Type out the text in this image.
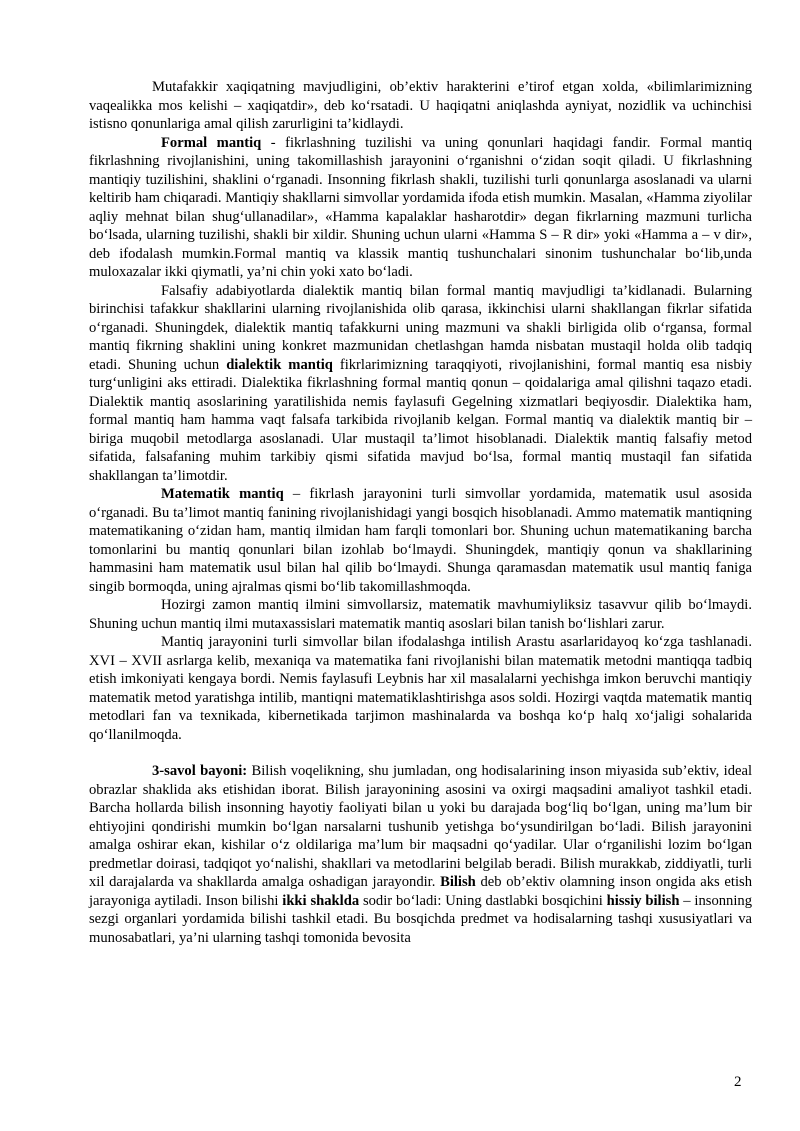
Mutafakkir xaqiqatning mavjudligini, ob’ektiv harakterini e’tirof etgan xolda, «bilimlarimizning vaqealikka mos kelishi – xaqiqatdir», deb ko‘rsatadi. U haqiqatni aniqlashda ayniyat, nozidlik va uchinchisi istisno qonunlariga amal qilish zarurligini ta’kidlaydi.

Formal mantiq - fikrlashning tuzilishi va uning qonunlari haqidagi fandir. Formal mantiq fikrlashning rivojlanishini, uning takomillashish jarayonini o‘rganishni o‘zidan soqit qiladi. U fikrlashning mantiqiy tuzilishini, shaklini o‘rganadi. Insonning fikrlash shakli, tuzilishi turli qonunlarga asoslanadi va ularni keltirib ham chiqaradi. Mantiqiy shakllarni simvollar yordamida ifoda etish mumkin. Masalan, «Hamma ziyolilar aqliy mehnat bilan shug‘ullanadilar», «Hamma kapalaklar hasharotdir» degan fikrlarning mazmuni turlicha bo‘lsada, ularning tuzilishi, shakli bir xildir. Shuning uchun ularni «Hamma S – R dir» yoki «Hamma a – v dir», deb ifodalash mumkin.Formal mantiq va klassik mantiq tushunchalari sinonim tushunchalar bo‘lib,unda muloxazalar ikki qiymatli, ya’ni chin yoki xato bo‘ladi.

Falsafiy adabiyotlarda dialektik mantiq bilan formal mantiq mavjudligi ta’kidlanadi. Bularning birinchisi tafakkur shakllarini ularning rivojlanishida olib qarasa, ikkinchisi ularni shakllangan fikrlar sifatida o‘rganadi. Shuningdek, dialektik mantiq tafakkurni uning mazmuni va shakli birligida olib o‘rgansa, formal mantiq fikrning shaklini uning konkret mazmunidan chetlashgan hamda nisbatan mustaqil holda olib tadqiq etadi. Shuning uchun dialektik mantiq fikrlarimizning taraqqiyoti, rivojlanishini, formal mantiq esa nisbiy turg‘unligini aks ettiradi. Dialektika fikrlashning formal mantiq qonun – qoidalariga amal qilishni taqazo etadi. Dialektik mantiq asoslarining yaratilishida nemis faylasufi Gegelning xizmatlari beqiyosdir. Dialektika ham, formal mantiq ham hamma vaqt falsafa tarkibida rivojlanib kelgan. Formal mantiq va dialektik mantiq bir – biriga muqobil metodlarga asoslanadi. Ular mustaqil ta’limot hisoblanadi. Dialektik mantiq falsafiy metod sifatida, falsafaning muhim tarkibiy qismi sifatida mavjud bo‘lsa, formal mantiq mustaqil fan sifatida shakllangan ta’limotdir.

Matematik mantiq – fikrlash jarayonini turli simvollar yordamida, matematik usul asosida o‘rganadi. Bu ta’limot mantiq fanining rivojlanishidagi yangi bosqich hisoblanadi. Ammo matematik mantiqning matematikaning o‘zidan ham, mantiq ilmidan ham farqli tomonlari bor. Shuning uchun matematikaning barcha tomonlarini bu mantiq qonunlari bilan izohlab bo‘lmaydi. Shuningdek, mantiqiy qonun va shakllarining hammasini ham matematik usul bilan hal qilib bo‘lmaydi. Shunga qaramasdan matematik usul mantiq faniga singib bormoqda, uning ajralmas qismi bo‘lib takomillashmoqda.

Hozirgi zamon mantiq ilmini simvollarsiz, matematik mavhumiyliksiz tasavvur qilib bo‘lmaydi. Shuning uchun mantiq ilmi mutaxassislari matematik mantiq asoslari bilan tanish bo‘lishlari zarur.

Mantiq jarayonini turli simvollar bilan ifodalashga intilish Arastu asarlaridayoq ko‘zga tashlanadi. XVI – XVII asrlarga kelib, mexaniqa va matematika fani rivojlanishi bilan matematik metodni mantiqqa tadbiq etish imkoniyati kengaya bordi. Nemis faylasufi Leybnis har xil masalalarni yechishga imkon beruvchi mantiqiy matematik metod yaratishga intilib, mantiqni matematiklashtirishga asos soldi. Hozirgi vaqtda matematik mantiq metodlari fan va texnikada, kibernetikada tarjimon mashinalarda va boshqa ko‘p halq xo‘jaligi sohalarida qo‘llanilmoqda.

3-savol bayoni: Bilish voqelikning, shu jumladan, ong hodisalarining inson miyasida sub’ektiv, ideal obrazlar shaklida aks etishidan iborat. Bilish jarayonining asosini va oxirgi maqsadini amaliyot tashkil etadi. Barcha hollarda bilish insonning hayotiy faoliyati bilan u yoki bu darajada bog‘liq bo‘lgan, uning ma’lum bir ehtiyojini qondirishi mumkin bo‘lgan narsalarni tushunib yetishga bo‘ysundirilgan bo‘ladi. Bilish jarayonini amalga oshirar ekan, kishilar o‘z oldilariga ma’lum bir maqsadni qo‘yadilar. Ular o‘rganilishi lozim bo‘lgan predmetlar doirasi, tadqiqot yo‘nalishi, shakllari va metodlarini belgilab beradi. Bilish murakkab, ziddiyatli, turli xil darajalarda va shakllarda amalga oshadigan jarayondir. Bilish deb ob’ektiv olamning inson ongida aks etish jarayoniga aytiladi. Inson bilishi ikki shaklda sodir bo‘ladi: Uning dastlabki bosqichini hissiy bilish – insonning sezgi organlari yordamida bilishi tashkil etadi. Bu bosqichda predmet va hodisalarning tashqi xususiyatlari va munosabatlari, ya’ni ularning tashqi tomonida bevosita

2
